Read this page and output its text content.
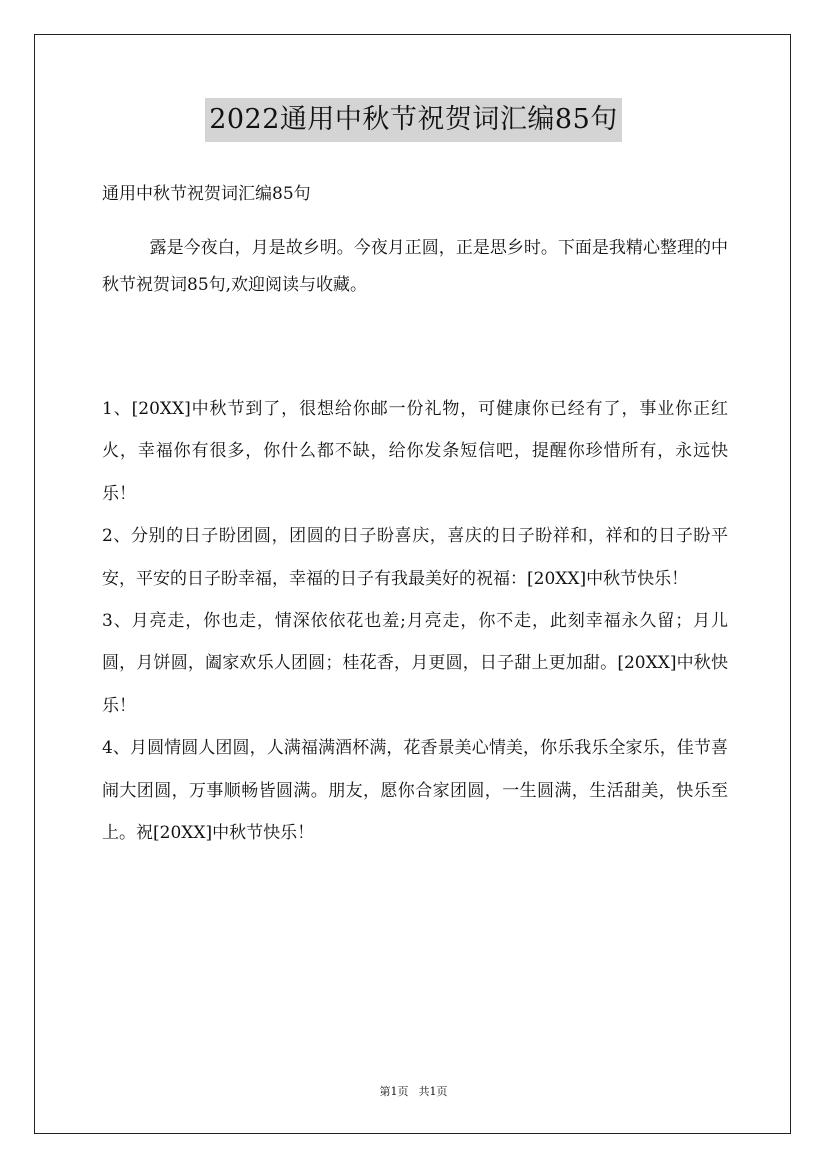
2022通用中秋节祝贺词汇编85句
通用中秋节祝贺词汇编85句

露是今夜白，月是故乡明。今夜月正圆，正是思乡时。下面是我精心整理的中秋节祝贺词85句,欢迎阅读与收藏。

1、[20XX]中秋节到了，很想给你邮一份礼物，可健康你已经有了，事业你正红火，幸福你有很多，你什么都不缺，给你发条短信吧，提醒你珍惜所有，永远快乐！
2、分别的日子盼团圆，团圆的日子盼喜庆，喜庆的日子盼祥和，祥和的日子盼平安，平安的日子盼幸福，幸福的日子有我最美好的祝福：[20XX]中秋节快乐！
3、月亮走，你也走，情深依依花也羞;月亮走，你不走，此刻幸福永久留；月儿圆，月饼圆，阖家欢乐人团圆；桂花香，月更圆，日子甜上更加甜。[20XX]中秋快乐！
4、月圆情圆人团圆，人满福满酒杯满，花香景美心情美，你乐我乐全家乐，佳节喜闹大团圆，万事顺畅皆圆满。朋友，愿你合家团圆，一生圆满，生活甜美，快乐至上。祝[20XX]中秋节快乐！
第1页 共1页
